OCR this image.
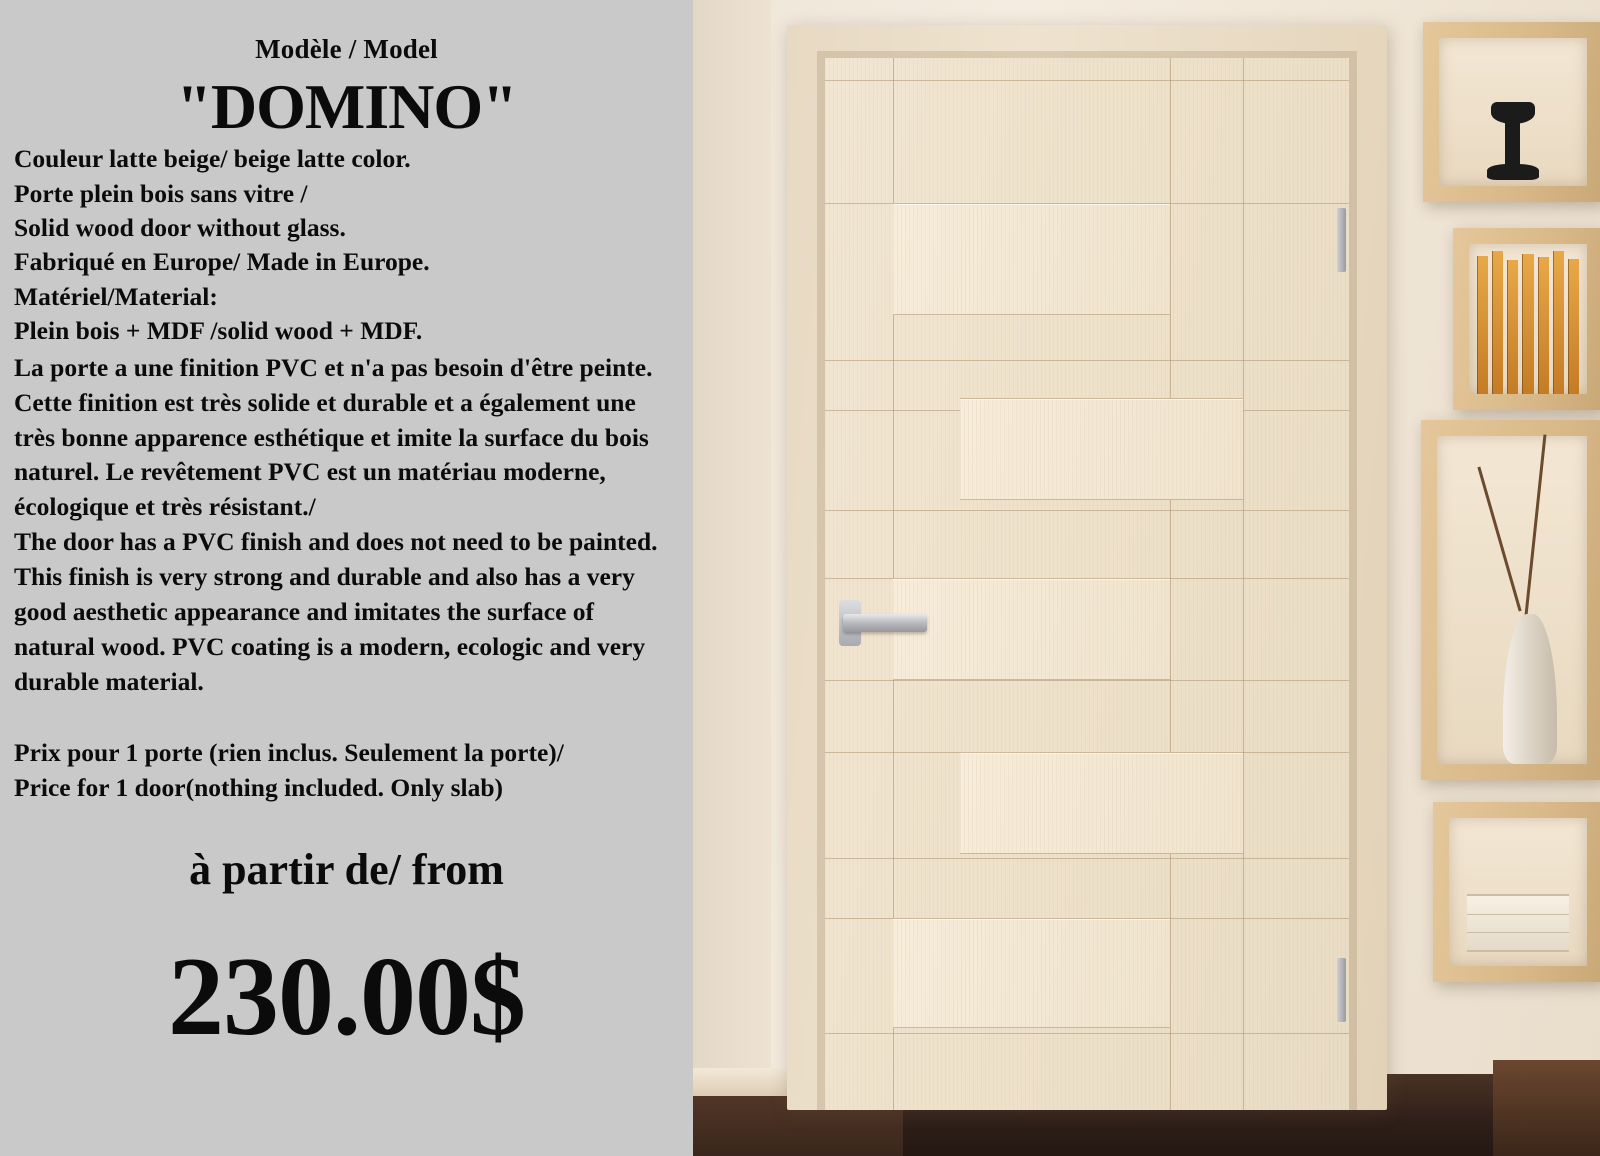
Modèle / Model
"DOMINO"
Couleur latte beige/ beige latte color.
Porte plein bois sans vitre /
Solid wood door without glass.
Fabriqué en Europe/ Made in Europe.
Matériel/Material:
Plein bois + MDF /solid wood + MDF.

La porte a une finition PVC et n'a pas besoin d'être peinte. Cette finition est très solide et durable et a également une très bonne apparence esthétique et imite la surface du bois naturel. Le revêtement PVC est un matériau moderne, écologique et très résistant./

The door has a PVC finish and does not need to be painted. This finish is very strong and durable and also has a very good aesthetic appearance and imitates the surface of natural wood. PVC coating is a modern, ecologic and very durable material.

Prix pour 1 porte (rien inclus. Seulement la porte)/

Price for 1 door(nothing included. Only slab)

à partir de/ from
230.00$
